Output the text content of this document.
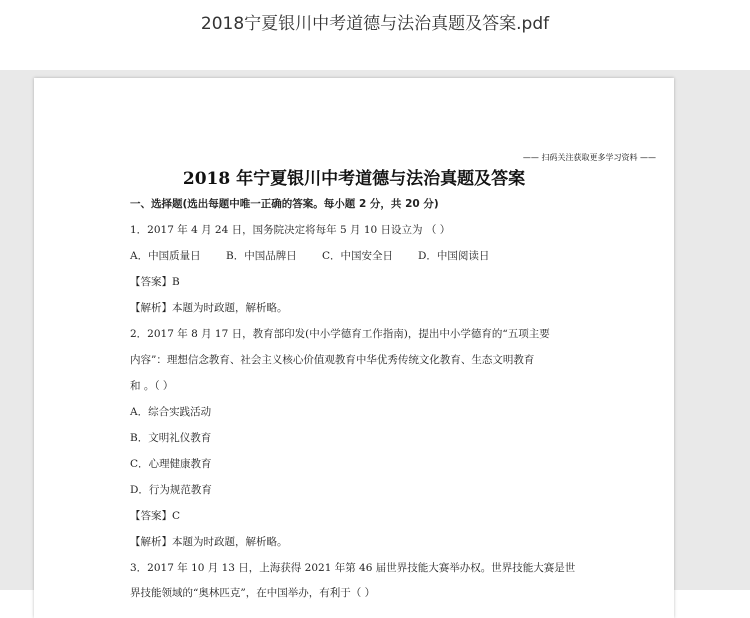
2018宁夏银川中考道德与法治真题及答案.pdf
—— 扫码关注获取更多学习资料 ——
2018 年宁夏银川中考道德与法治真题及答案
一、选择题(选出每题中唯一正确的答案。每小题 2 分，共 20 分)
1．2017 年 4 月 24 日，国务院决定将每年 5 月 10 日设立为 （ ）
A．中国质量日 B．中国品牌日 C．中国安全日 D．中国阅读日
【答案】B
【解析】本题为时政题，解析略。
2．2017 年 8 月 17 日，教育部印发(中小学德育工作指南)，提出中小学德育的“五项主要
内容”：理想信念教育、社会主义核心价值观教育中华优秀传统文化教育、生态文明教育
和 。（ ）
A．综合实践活动
B．文明礼仪教育
C．心理健康教育
D．行为规范教育
【答案】C
【解析】本题为时政题，解析略。
3．2017 年 10 月 13 日，上海获得 2021 年第 46 届世界技能大赛举办权。世界技能大赛是世
界技能领域的“奥林匹克”，在中国举办，有利于（ ）
